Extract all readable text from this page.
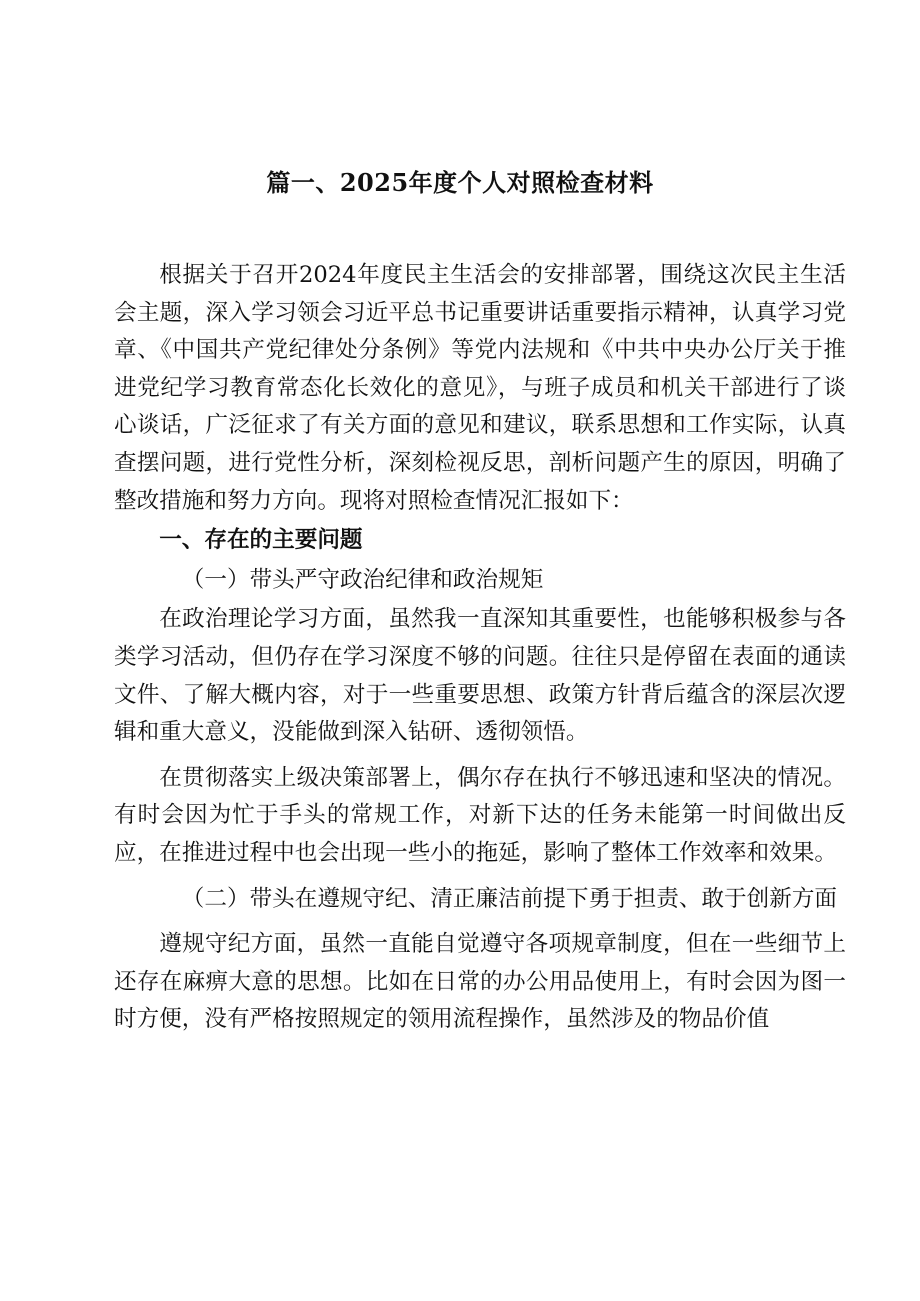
篇一、2025年度个人对照检查材料

根据关于召开2024年度民主生活会的安排部署，围绕这次民主生活会主题，深入学习领会习近平总书记重要讲话重要指示精神，认真学习党章、《中国共产党纪律处分条例》等党内法规和《中共中央办公厅关于推进党纪学习教育常态化长效化的意见》，与班子成员和机关干部进行了谈心谈话，广泛征求了有关方面的意见和建议，联系思想和工作实际，认真查摆问题，进行党性分析，深刻检视反思，剖析问题产生的原因，明确了整改措施和努力方向。现将对照检查情况汇报如下：

一、存在的主要问题
（一）带头严守政治纪律和政治规矩

在政治理论学习方面，虽然我一直深知其重要性，也能够积极参与各类学习活动，但仍存在学习深度不够的问题。往往只是停留在表面的通读文件、了解大概内容，对于一些重要思想、政策方针背后蕴含的深层次逻辑和重大意义，没能做到深入钻研、透彻领悟。

在贯彻落实上级决策部署上，偶尔存在执行不够迅速和坚决的情况。有时会因为忙于手头的常规工作，对新下达的任务未能第一时间做出反应，在推进过程中也会出现一些小的拖延，影响了整体工作效率和效果。

（二）带头在遵规守纪、清正廉洁前提下勇于担责、敢于创新方面

遵规守纪方面，虽然一直能自觉遵守各项规章制度，但在一些细节上还存在麻痹大意的思想。比如在日常的办公用品使用上，有时会因为图一时方便，没有严格按照规定的领用流程操作，虽然涉及的物品价值
